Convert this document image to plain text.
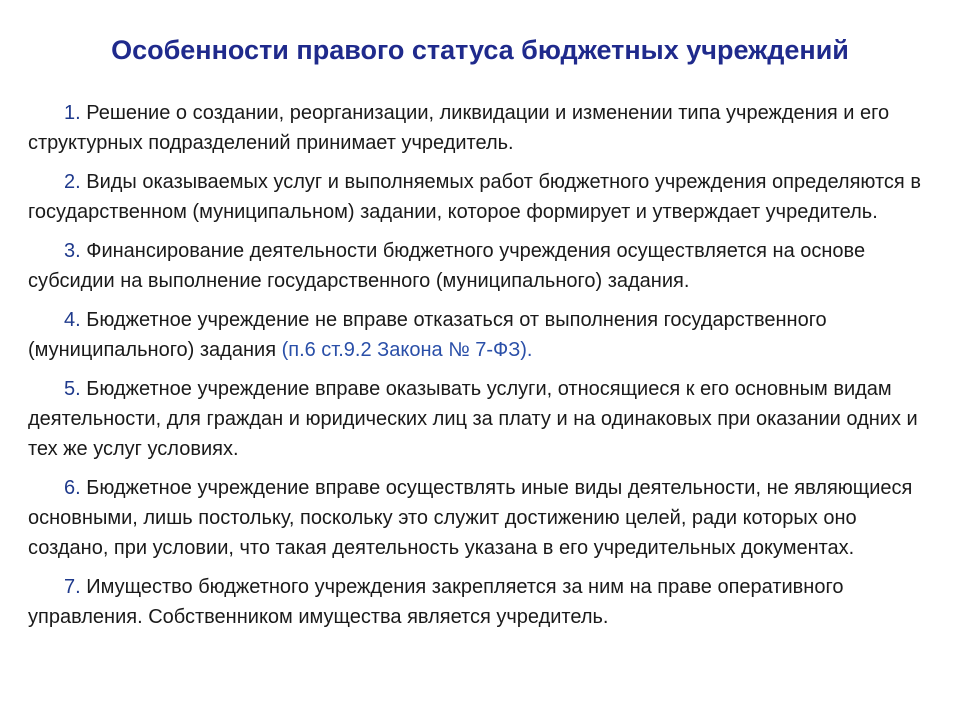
Особенности правого статуса бюджетных учреждений

1. Решение о создании, реорганизации, ликвидации и изменении типа учреждения и его структурных подразделений принимает учредитель.

2. Виды оказываемых услуг и выполняемых работ бюджетного учреждения определяются в государственном (муниципальном) задании, которое формирует и утверждает учредитель.

3. Финансирование деятельности бюджетного учреждения осуществляется на основе субсидии на выполнение государственного (муниципального) задания.

4. Бюджетное учреждение не вправе отказаться от выполнения государственного (муниципального) задания (п.6 ст.9.2 Закона № 7-ФЗ).

5. Бюджетное учреждение вправе оказывать услуги, относящиеся к его основным видам деятельности, для граждан и юридических лиц за плату и на одинаковых при оказании одних и тех же услуг условиях.

6. Бюджетное учреждение вправе осуществлять иные виды деятельности, не являющиеся основными, лишь постольку, поскольку это служит достижению целей, ради которых оно создано, при условии, что такая деятельность указана в его учредительных документах.

7. Имущество бюджетного учреждения закрепляется за ним на праве оперативного управления. Собственником имущества является учредитель.
